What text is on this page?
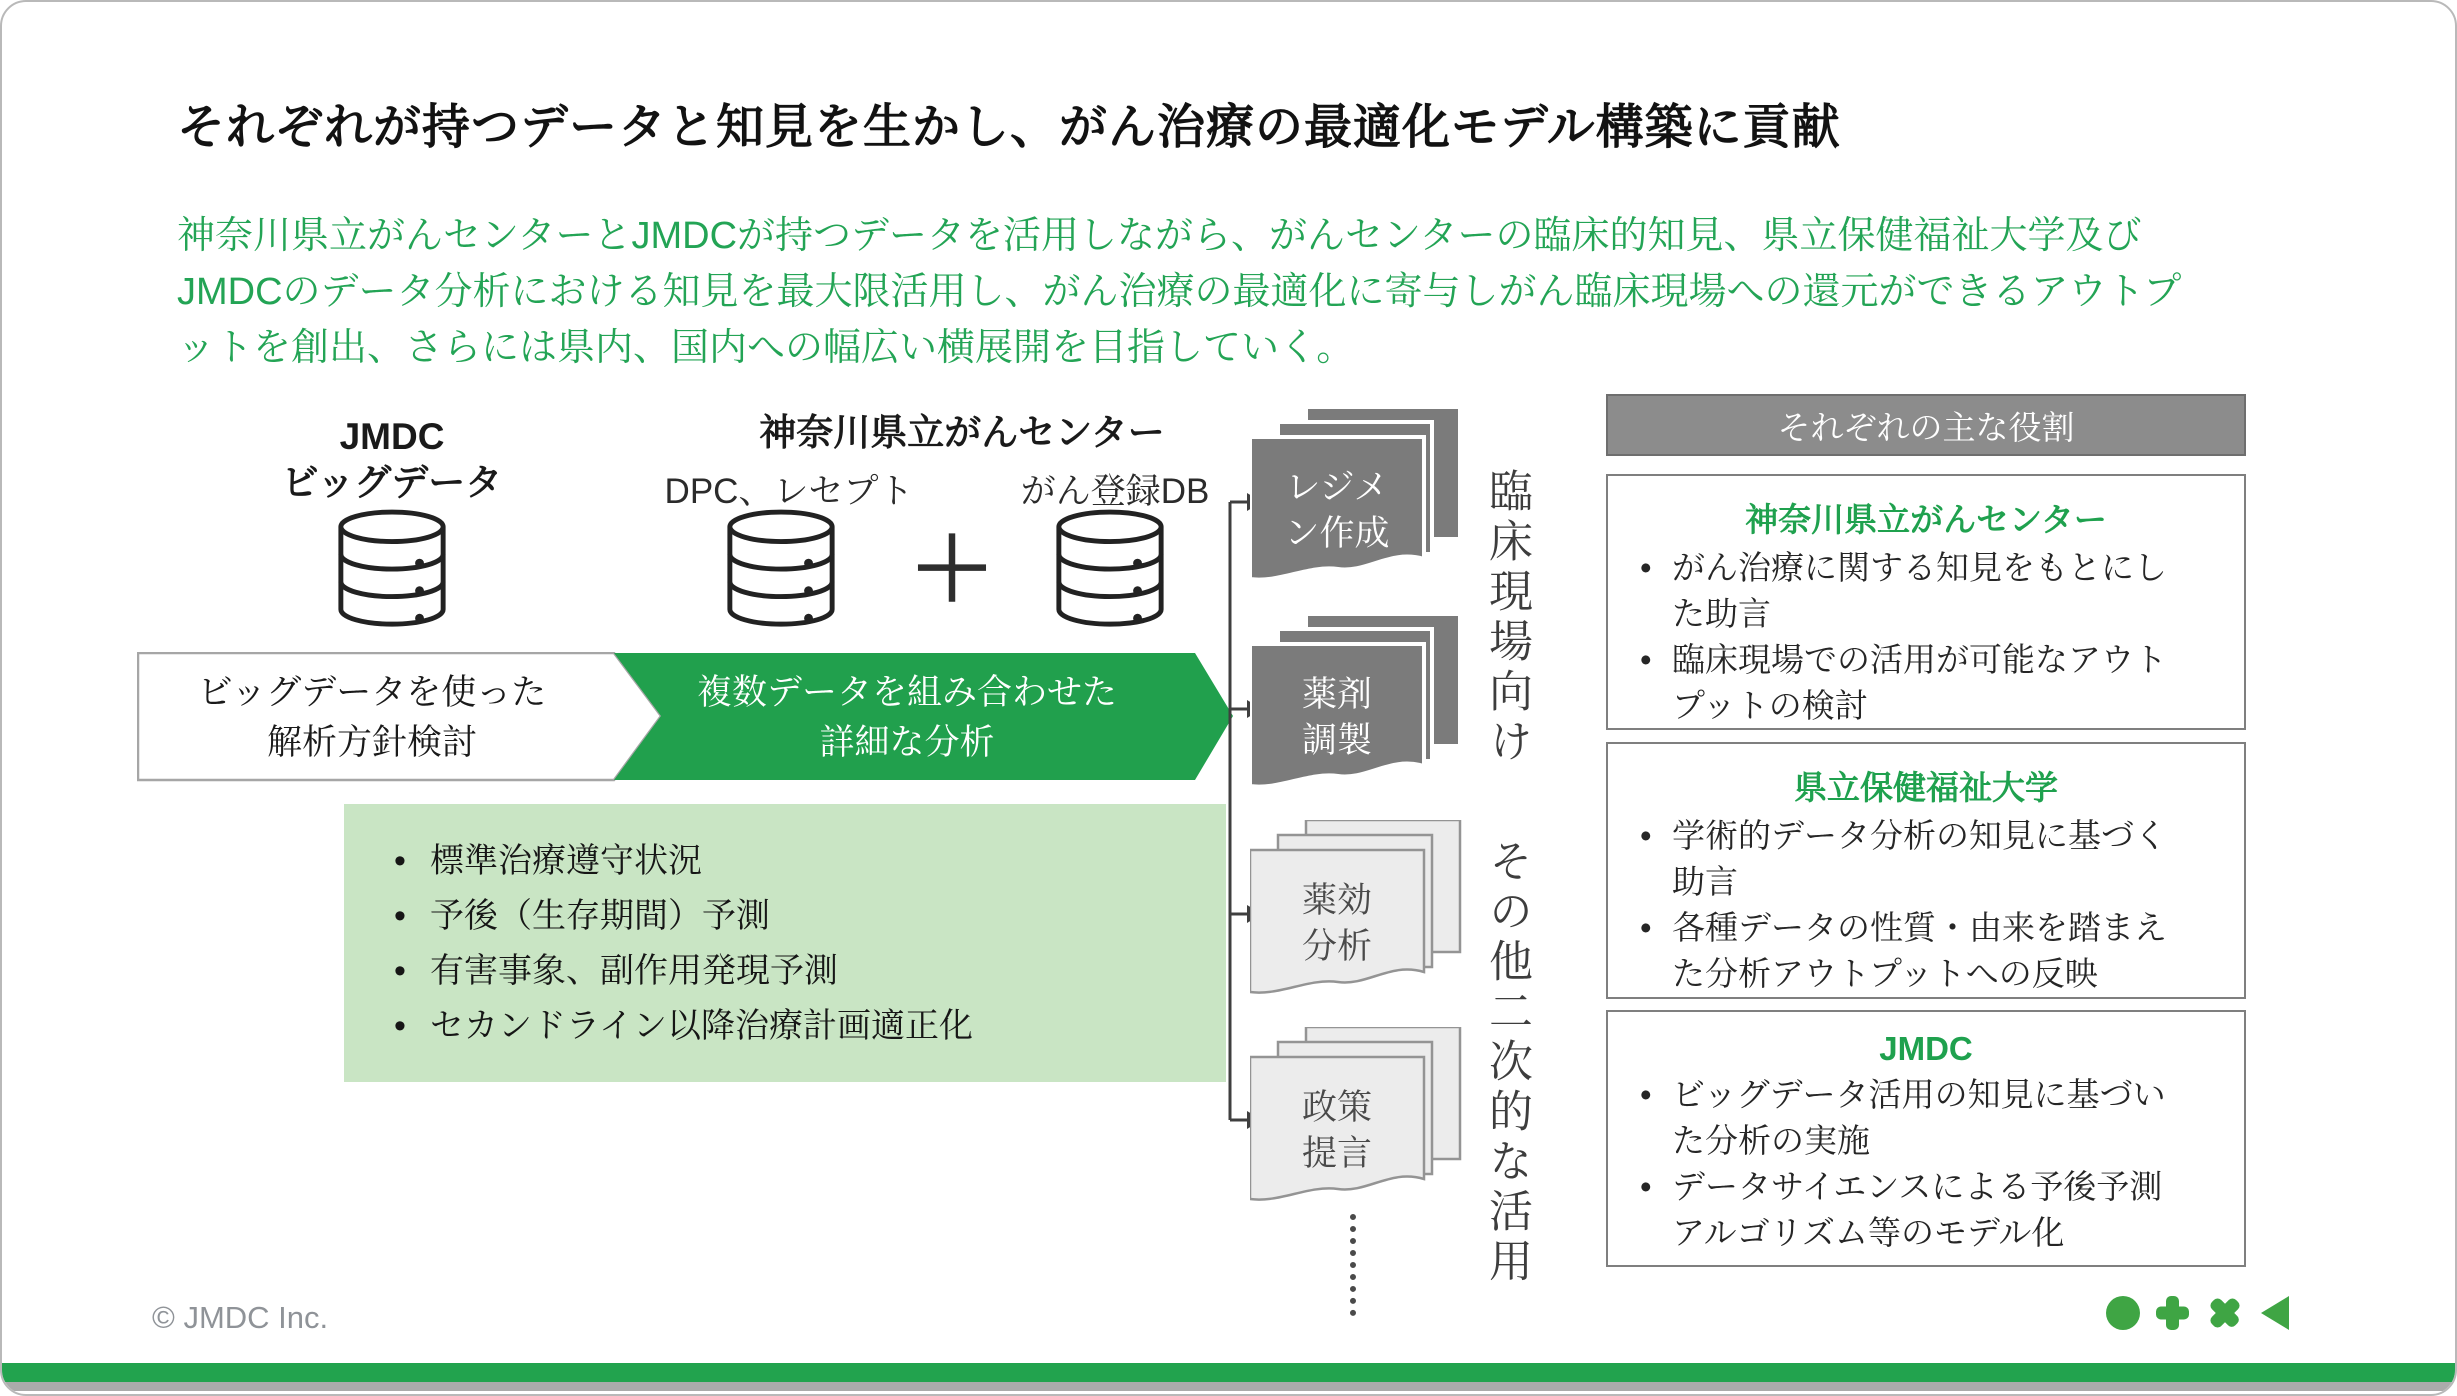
それぞれが持つデータと知見を生かし、がん治療の最適化モデル構築に貢献
神奈川県立がんセンターとJMDCが持つデータを活用しながら、がんセンターの臨床的知見、県立保健福祉大学及び
JMDCのデータ分析における知見を最大限活用し、がん治療の最適化に寄与しがん臨床現場への還元ができるアウトプ
ットを創出、さらには県内、国内への幅広い横展開を目指していく。
JMDC
ビッグデータ
神奈川県立がんセンター
DPC、レセプト	がん登録DB
＋
ビッグデータを使った
解析方針検討
複数データを組み合わせた
詳細な分析
• 標準治療遵守状況
• 予後（生存期間）予測
• 有害事象、副作用発現予測
• セカンドライン以降治療計画適正化
レジメ
ン作成
薬剤
調製
薬効
分析
政策
提言
臨床現場向け
その他二次的な活用
それぞれの主な役割
神奈川県立がんセンター
• がん治療に関する知見をもとにした助言
• 臨床現場での活用が可能なアウトプットの検討
県立保健福祉大学
• 学術的データ分析の知見に基づく助言
• 各種データの性質・由来を踏まえた分析アウトプットへの反映
JMDC
• ビッグデータ活用の知見に基づいた分析の実施
• データサイエンスによる予後予測アルゴリズム等のモデル化
© JMDC Inc.
